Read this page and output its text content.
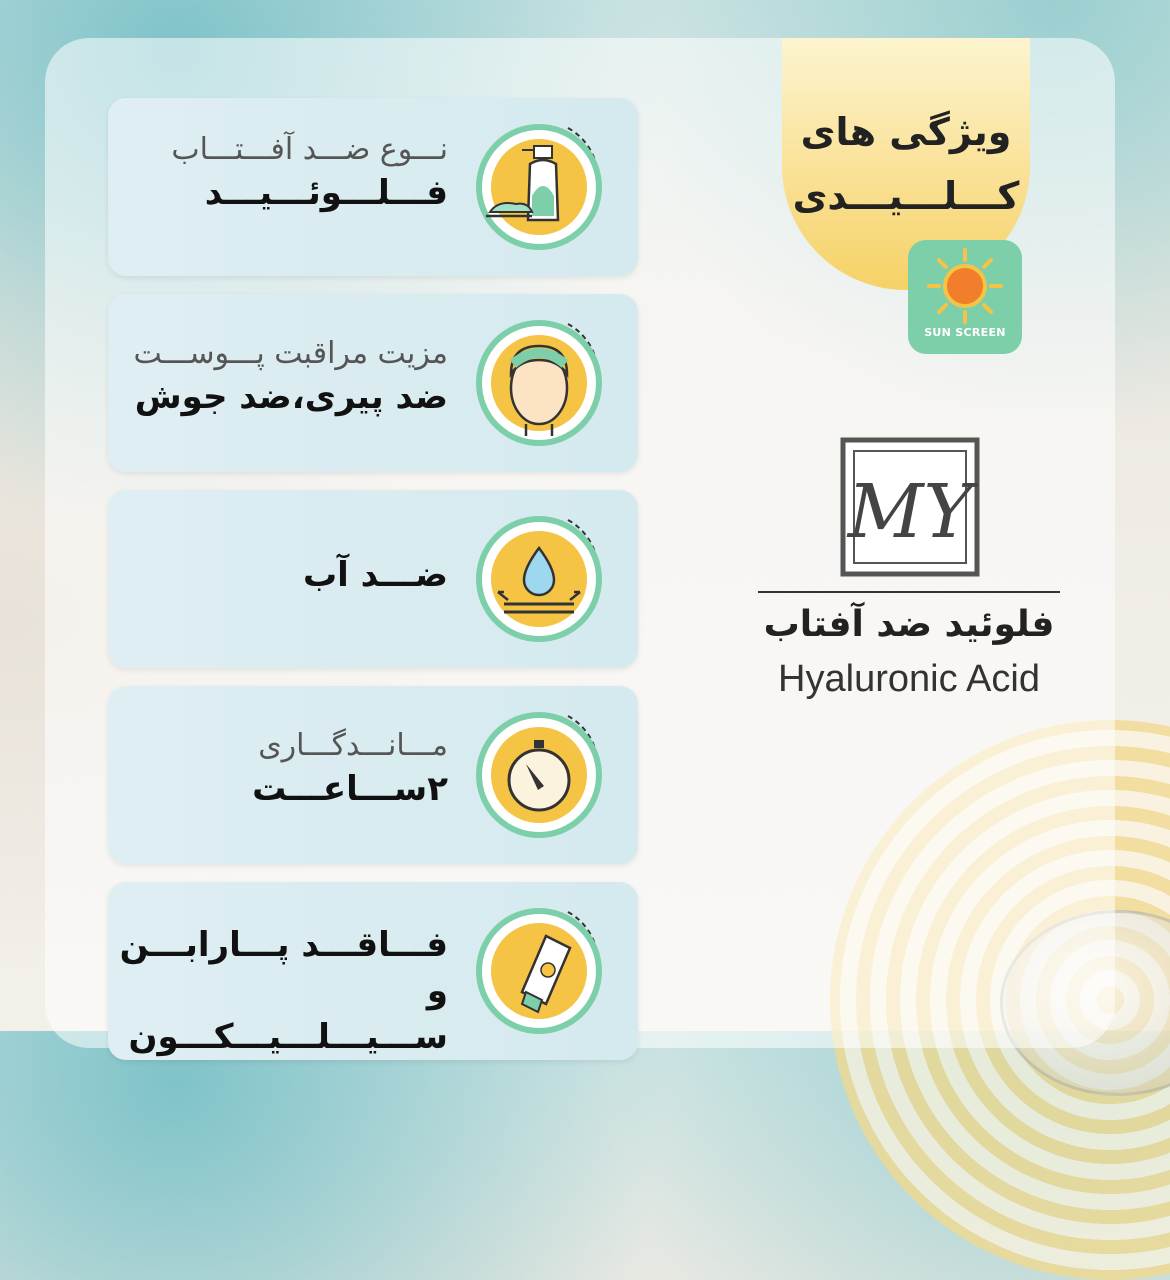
نـــوع ضـــد آفـــتـــاب
فـــلـــوئـــیـــد
مزیت مراقبت پـــوســـت
ضد پیری،ضد جوش
ضـــد آب
مـــانـــدگـــاری
۲ســـاعـــت
فـــاقـــد پـــارابـــن و ســـیـــلـــیـــکـــون
ویژگی های
کـــلـــیـــدی
SUN SCREEN
MY
فلوئید ضد آفتاب
Hyaluronic Acid
